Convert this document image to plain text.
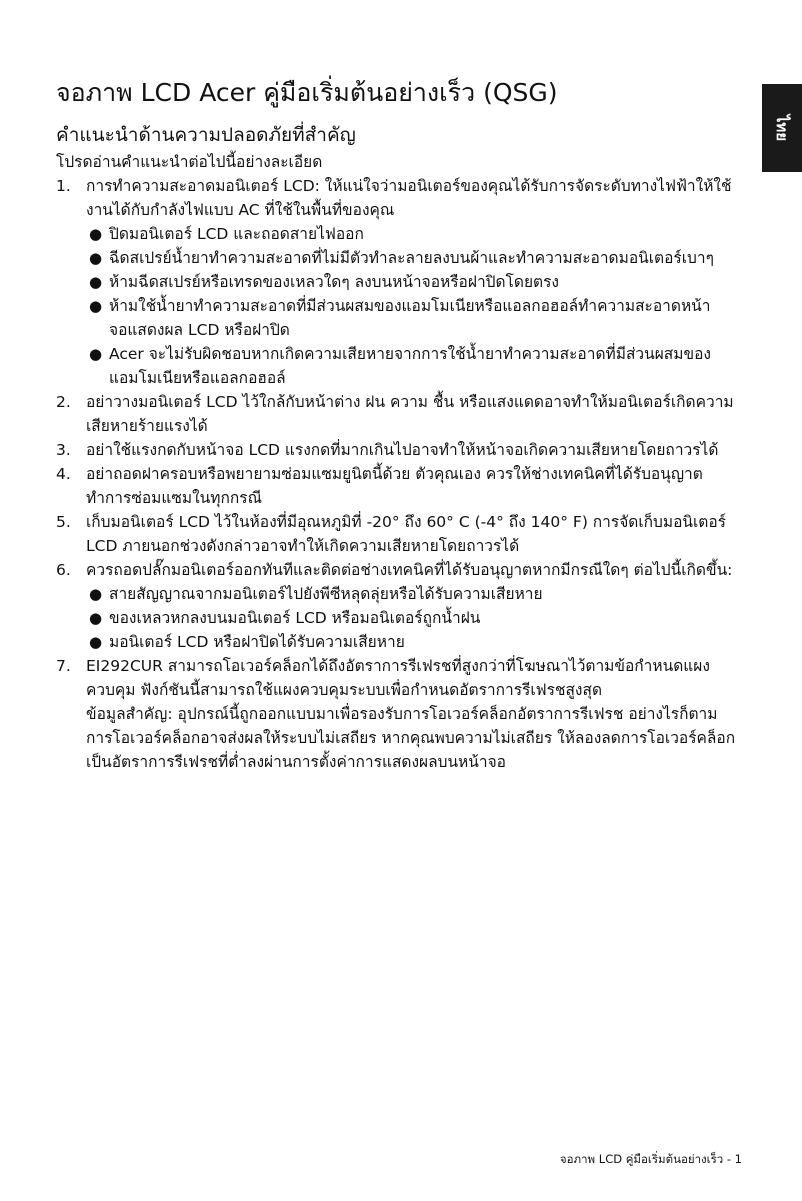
ไทย
จอภาพ LCD Acer คู่มือเริ่มต้นอย่างเร็ว (QSG)
คำแนะนำด้านความปลอดภัยที่สำคัญ
โปรดอ่านคำแนะนำต่อไปนี้อย่างละเอียด
1. การทำความสะอาดมอนิเตอร์ LCD: ให้แน่ใจว่ามอนิเตอร์ของคุณได้รับการจัดระดับทางไฟฟ้าให้ใช้งานได้กับกำลังไฟแบบ AC ที่ใช้ในพื้นที่ของคุณ
● ปิดมอนิเตอร์ LCD และถอดสายไฟออก
● ฉีดสเปรย์น้ำยาทำความสะอาดที่ไม่มีตัวทำละลายลงบนผ้าและทำความสะอาดมอนิเตอร์เบาๆ
● ห้ามฉีดสเปรย์หรือเทรดของเหลวใดๆ ลงบนหน้าจอหรือฝาปิดโดยตรง
● ห้ามใช้น้ำยาทำความสะอาดที่มีส่วนผสมของแอมโมเนียหรือแอลกอฮอล์ทำความสะอาดหน้าจอแสดงผล LCD หรือฝาปิด
● Acer จะไม่รับผิดชอบหากเกิดความเสียหายจากการใช้น้ำยาทำความสะอาดที่มีส่วนผสมของแอมโมเนียหรือแอลกอฮอล์
2. อย่าวางมอนิเตอร์ LCD ไว้ใกล้กับหน้าต่าง ฝน ความ ชื้น หรือแสงแดดอาจทำให้มอนิเตอร์เกิดความเสียหายร้ายแรงได้
3. อย่าใช้แรงกดกับหน้าจอ LCD แรงกดที่มากเกินไปอาจทำให้หน้าจอเกิดความเสียหายโดยถาวรได้
4. อย่าถอดฝาครอบหรือพยายามซ่อมแซมยูนิตนี้ด้วย ตัวคุณเอง ควรให้ช่างเทคนิคที่ได้รับอนุญาตทำการซ่อมแซมในทุกกรณี
5. เก็บมอนิเตอร์ LCD ไว้ในห้องที่มีอุณหภูมิที่ -20° ถึง 60° C (-4° ถึง 140° F) การจัดเก็บมอนิเตอร์ LCD ภายนอกช่วงดังกล่าวอาจทำให้เกิดความเสียหายโดยถาวรได้
6. ควรถอดปลั๊กมอนิเตอร์ออกทันทีและติดต่อช่างเทคนิคที่ได้รับอนุญาตหากมีกรณีใดๆ ต่อไปนี้เกิดขึ้น:
● สายสัญญาณจากมอนิเตอร์ไปยังพีซีหลุดลุ่ยหรือได้รับความเสียหาย
● ของเหลวหกลงบนมอนิเตอร์ LCD หรือมอนิเตอร์ถูกน้ำฝน
● มอนิเตอร์ LCD หรือฝาปิดได้รับความเสียหาย
7. EI292CUR สามารถโอเวอร์คล็อกได้ถึงอัตราการรีเฟรชที่สูงกว่าที่โฆษณาไว้ตามข้อกำหนดแผงควบคุม ฟังก์ชันนี้สามารถใช้แผงควบคุมระบบเพื่อกำหนดอัตราการรีเฟรชสูงสุด
ข้อมูลสำคัญ: อุปกรณ์นี้ถูกออกแบบมาเพื่อรองรับการโอเวอร์คล็อกอัตราการรีเฟรช อย่างไรก็ตาม การโอเวอร์คล็อกอาจส่งผลให้ระบบไม่เสถียร หากคุณพบความไม่เสถียร ให้ลองลดการโอเวอร์คล็อกเป็นอัตราการรีเฟรชที่ต่ำลงผ่านการตั้งค่าการแสดงผลบนหน้าจอ
จอภาพ LCD คู่มือเริ่มต้นอย่างเร็ว - 1
